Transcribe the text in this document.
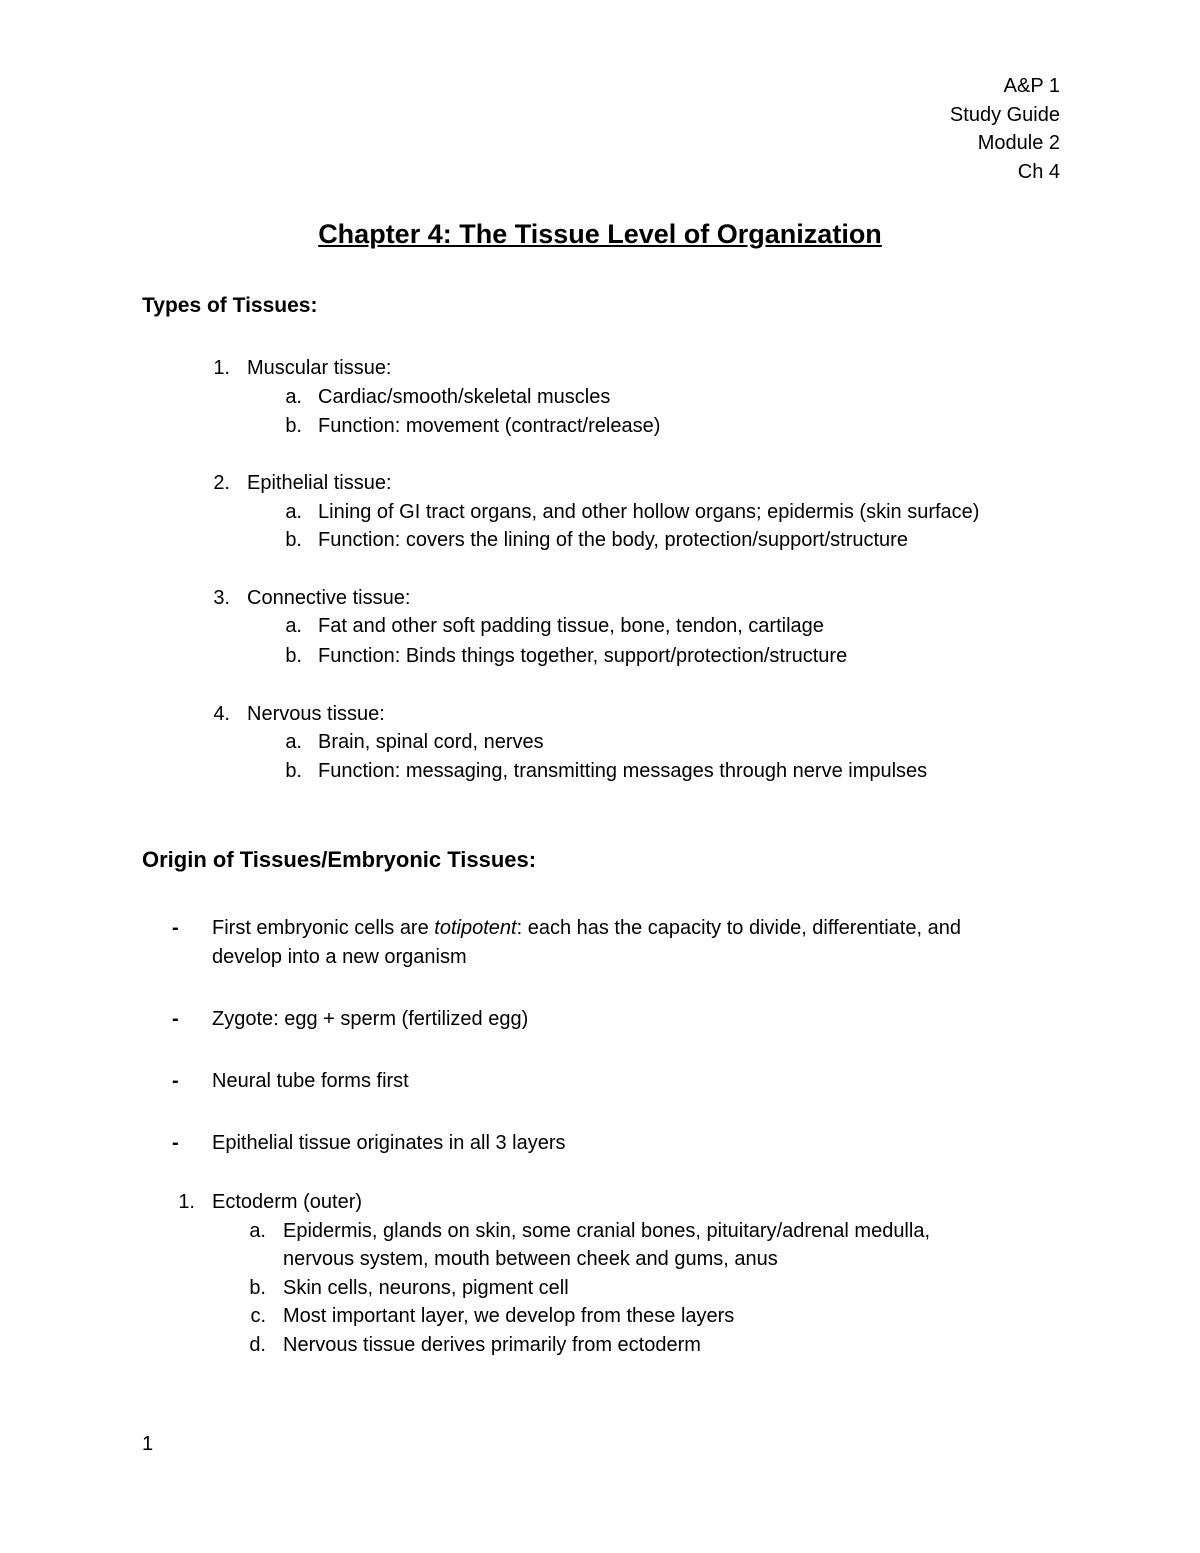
A&P 1
Study Guide
Module 2
Ch 4
Chapter 4: The Tissue Level of Organization
Types of Tissues:
1. Muscular tissue:
a. Cardiac/smooth/skeletal muscles
b. Function: movement (contract/release)
2. Epithelial tissue:
a. Lining of GI tract organs, and other hollow organs; epidermis (skin surface)
b. Function: covers the lining of the body, protection/support/structure
3. Connective tissue:
a. Fat and other soft padding tissue, bone, tendon, cartilage
b. Function: Binds things together, support/protection/structure
4. Nervous tissue:
a. Brain, spinal cord, nerves
b. Function: messaging, transmitting messages through nerve impulses
Origin of Tissues/Embryonic Tissues:
- First embryonic cells are totipotent: each has the capacity to divide, differentiate, and
develop into a new organism
- Zygote: egg + sperm (fertilized egg)
- Neural tube forms first
- Epithelial tissue originates in all 3 layers
1. Ectoderm (outer)
a. Epidermis, glands on skin, some cranial bones, pituitary/adrenal medulla,
nervous system, mouth between cheek and gums, anus
b. Skin cells, neurons, pigment cell
c. Most important layer, we develop from these layers
d. Nervous tissue derives primarily from ectoderm
1
